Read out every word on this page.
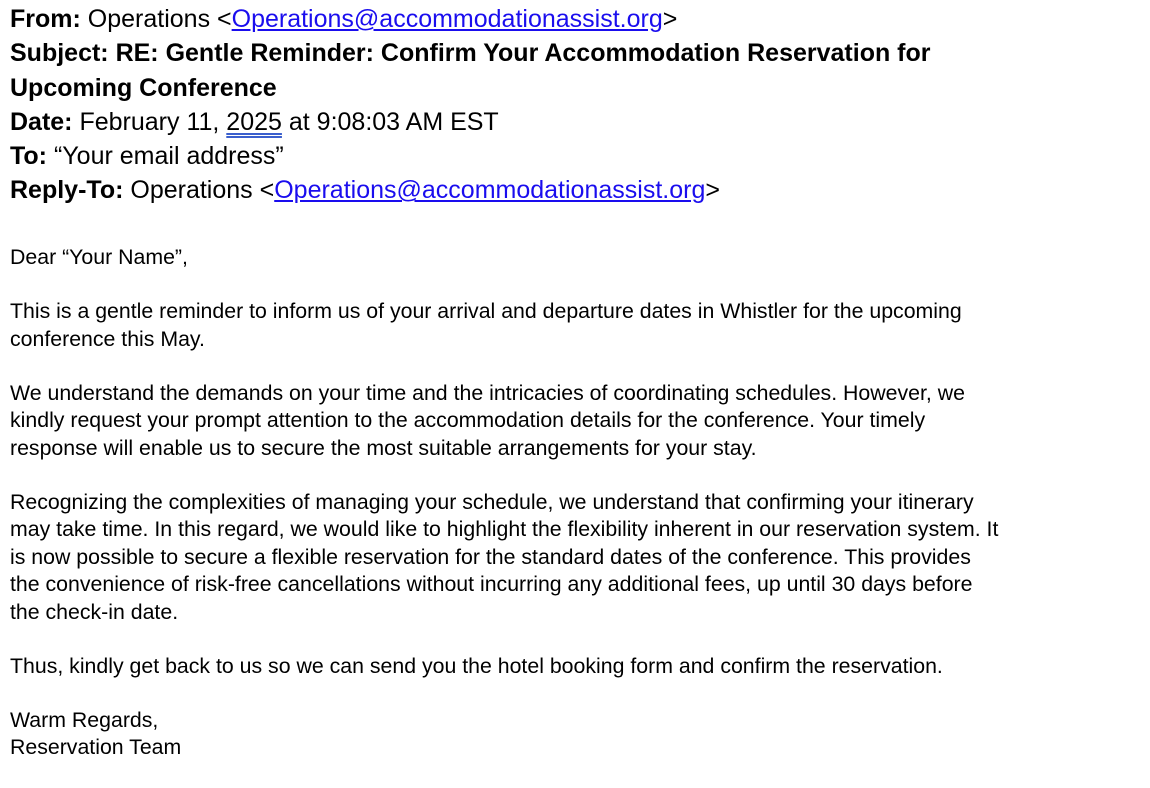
From: Operations <Operations@accommodationassist.org>
Subject: RE: Gentle Reminder: Confirm Your Accommodation Reservation for
Upcoming Conference
Date: February 11, 2025 at 9:08:03 AM EST
To: “Your email address”
Reply-To: Operations <Operations@accommodationassist.org>

Dear “Your Name”,

This is a gentle reminder to inform us of your arrival and departure dates in Whistler for the upcoming
conference this May.

We understand the demands on your time and the intricacies of coordinating schedules. However, we
kindly request your prompt attention to the accommodation details for the conference. Your timely
response will enable us to secure the most suitable arrangements for your stay.

Recognizing the complexities of managing your schedule, we understand that confirming your itinerary
may take time. In this regard, we would like to highlight the flexibility inherent in our reservation system. It
is now possible to secure a flexible reservation for the standard dates of the conference. This provides
the convenience of risk-free cancellations without incurring any additional fees, up until 30 days before
the check-in date.

Thus, kindly get back to us so we can send you the hotel booking form and confirm the reservation.

Warm Regards,
Reservation Team
